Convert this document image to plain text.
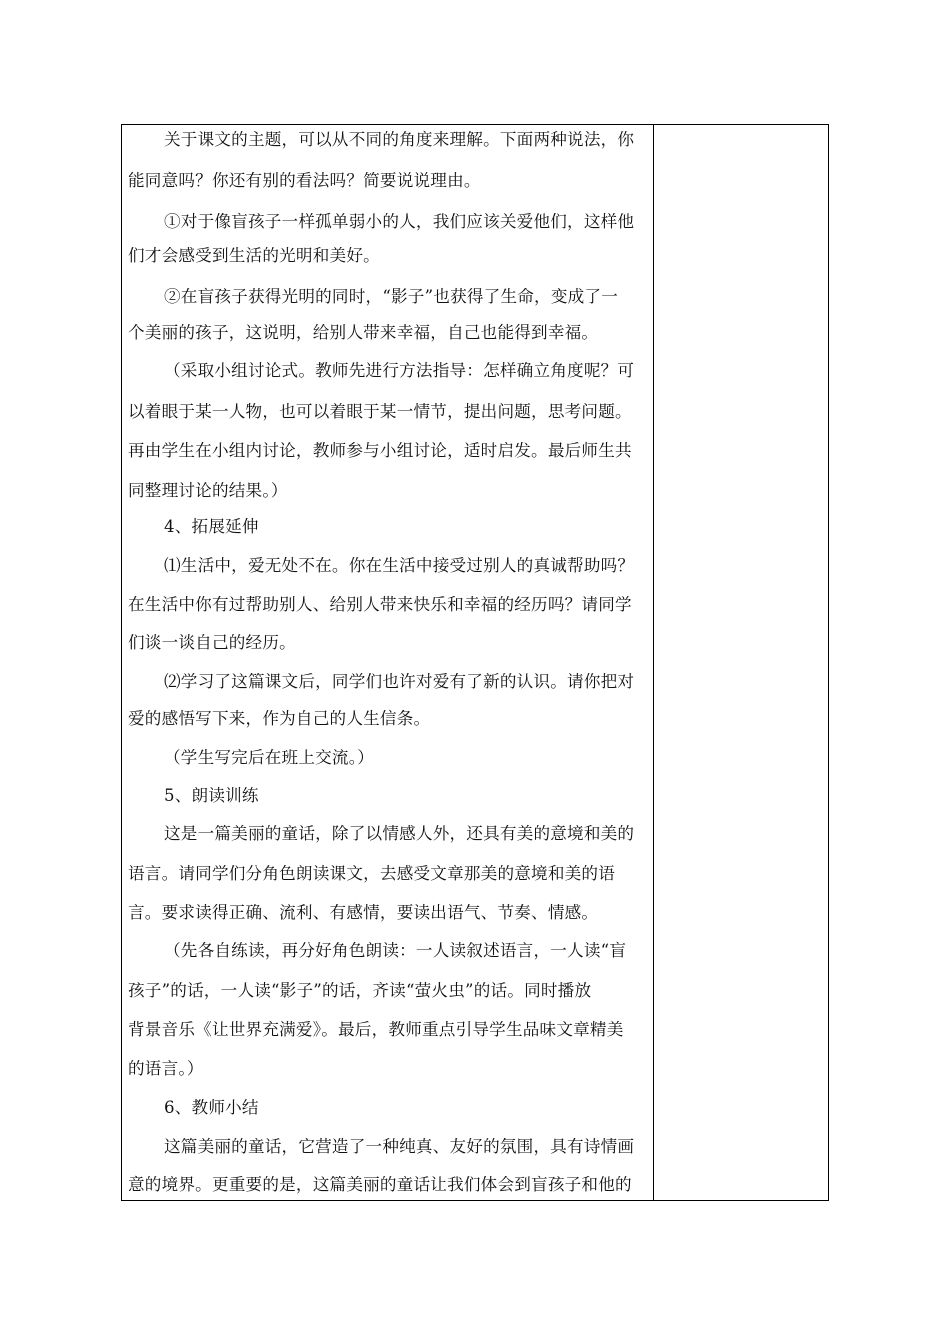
关于课文的主题，可以从不同的角度来理解。下面两种说法，你
能同意吗？你还有别的看法吗？简要说说理由。
①对于像盲孩子一样孤单弱小的人，我们应该关爱他们，这样他
们才会感受到生活的光明和美好。
②在盲孩子获得光明的同时，“影子”也获得了生命，变成了一
个美丽的孩子，这说明，给别人带来幸福，自己也能得到幸福。
（采取小组讨论式。教师先进行方法指导：怎样确立角度呢？可
以着眼于某一人物，也可以着眼于某一情节，提出问题，思考问题。
再由学生在小组内讨论，教师参与小组讨论，适时启发。最后师生共
同整理讨论的结果。）
4、拓展延伸
⑴生活中，爱无处不在。你在生活中接受过别人的真诚帮助吗？
在生活中你有过帮助别人、给别人带来快乐和幸福的经历吗？请同学
们谈一谈自己的经历。
⑵学习了这篇课文后，同学们也许对爱有了新的认识。请你把对
爱的感悟写下来，作为自己的人生信条。
（学生写完后在班上交流。）
5、朗读训练
这是一篇美丽的童话，除了以情感人外，还具有美的意境和美的
语言。请同学们分角色朗读课文，去感受文章那美的意境和美的语
言。要求读得正确、流利、有感情，要读出语气、节奏、情感。
（先各自练读，再分好角色朗读：一人读叙述语言，一人读“盲
孩子”的话，一人读“影子”的话，齐读“萤火虫”的话。同时播放
背景音乐《让世界充满爱》。最后，教师重点引导学生品味文章精美
的语言。）
6、教师小结
这篇美丽的童话，它营造了一种纯真、友好的氛围，具有诗情画
意的境界。更重要的是，这篇美丽的童话让我们体会到盲孩子和他的
